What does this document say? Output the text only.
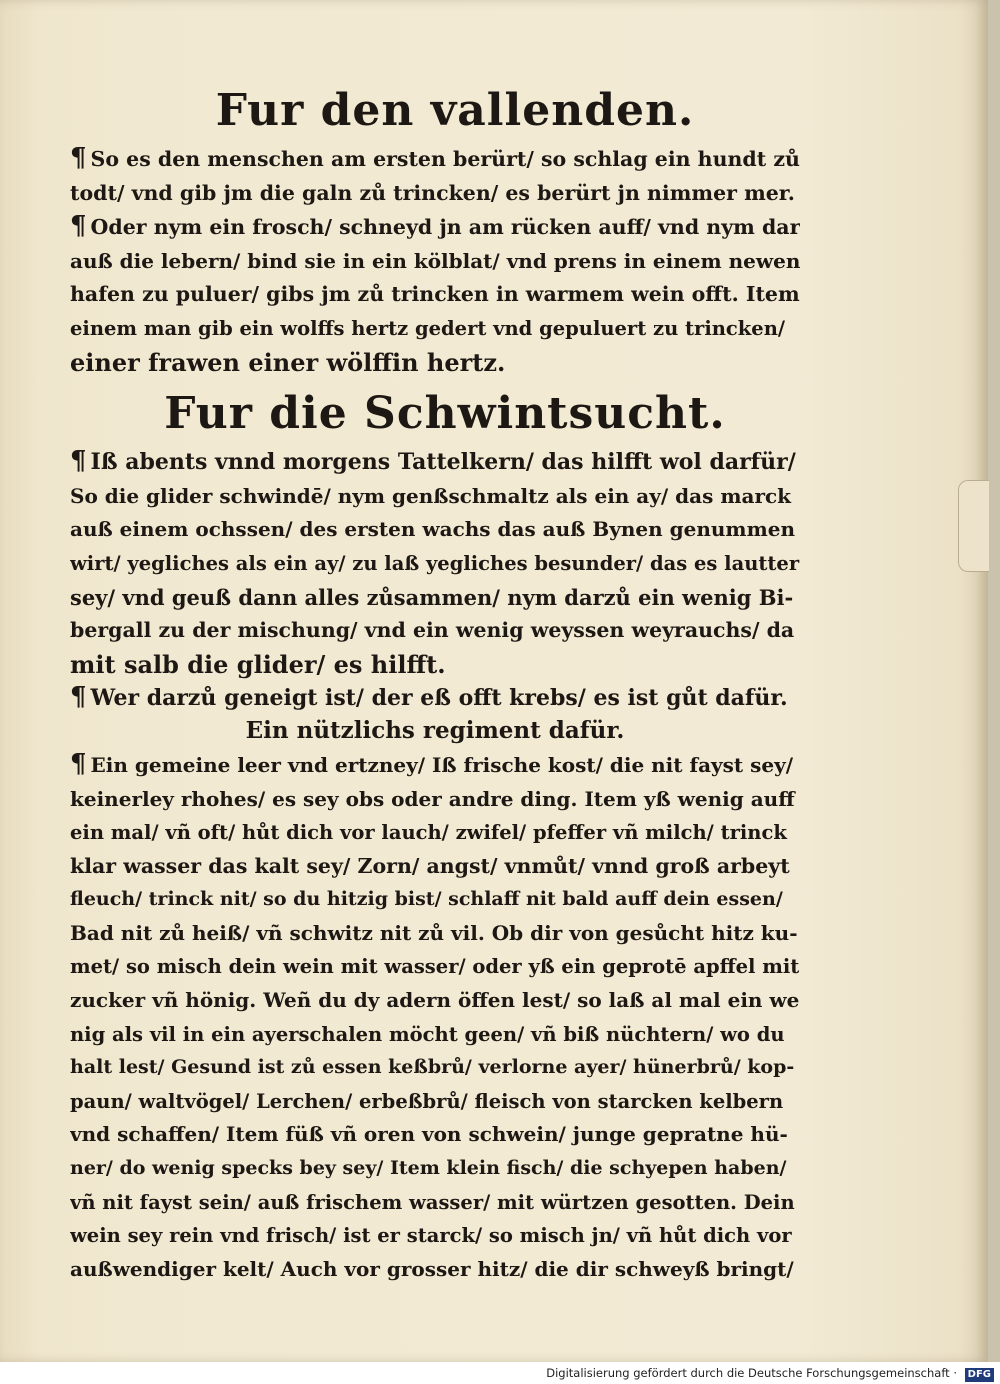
Fur den vallenden.
¶ So es den menschen am ersten berürt/ so schlag ein hundt zů
todt/ vnd gib jm die galn zů trincken/ es berürt jn nimmer mer.
¶ Oder nym ein frosch/ schneyd jn am rücken auff/ vnd nym dar
auß die lebern/ bind sie in ein kölblat/ vnd prens in einem newen
hafen zu puluer/ gibs jm zů trincken in warmem wein offt. Item
einem man gib ein wolffs hertz gedert vnd gepuluert zu trincken/
einer frawen einer wölffin hertz.
Fur die Schwintsucht.
¶ Iß abents vnnd morgens Tattelkern/ das hilfft wol darfür/
So die glider schwindē/ nym genßschmaltz als ein ay/ das marck
auß einem ochssen/ des ersten wachs das auß Bynen genummen
wirt/ yegliches als ein ay/ zu laß yegliches besunder/ das es lautter
sey/ vnd geuß dann alles zůsammen/ nym darzů ein wenig Bi-
bergall zu der mischung/ vnd ein wenig weyssen weyrauchs/ da
mit salb die glider/ es hilfft.
¶ Wer darzů geneigt ist/ der eß offt krebs/ es ist gůt dafür.
Ein nützlichs regiment dafür.
¶ Ein gemeine leer vnd ertzney/ Iß frische kost/ die nit fayst sey/
keinerley rhohes/ es sey obs oder andre ding. Item yß wenig auff
ein mal/ vñ oft/ hůt dich vor lauch/ zwifel/ pfeffer vñ milch/ trinck
klar wasser das kalt sey/ Zorn/ angst/ vnmůt/ vnnd groß arbeyt
fleuch/ trinck nit/ so du hitzig bist/ schlaff nit bald auff dein essen/
Bad nit zů heiß/ vñ schwitz nit zů vil. Ob dir von gesůcht hitz ku-
met/ so misch dein wein mit wasser/ oder yß ein geprotē apffel mit
zucker vñ hönig. Weñ du dy adern öffen lest/ so laß al mal ein we
nig als vil in ein ayerschalen möcht geen/ vñ biß nüchtern/ wo du
halt lest/ Gesund ist zů essen keßbrů/ verlorne ayer/ hünerbrů/ kop-
paun/ waltvögel/ Lerchen/ erbeßbrů/ fleisch von starcken kelbern
vnd schaffen/ Item füß vñ oren von schwein/ junge gepratne hü-
ner/ do wenig specks bey sey/ Item klein fisch/ die schyepen haben/
vñ nit fayst sein/ auß frischem wasser/ mit würtzen gesotten. Dein
wein sey rein vnd frisch/ ist er starck/ so misch jn/ vñ hůt dich vor
außwendiger kelt/ Auch vor grosser hitz/ die dir schweyß bringt/
Digitalisierung gefördert durch die Deutsche Forschungsgemeinschaft · DFG
